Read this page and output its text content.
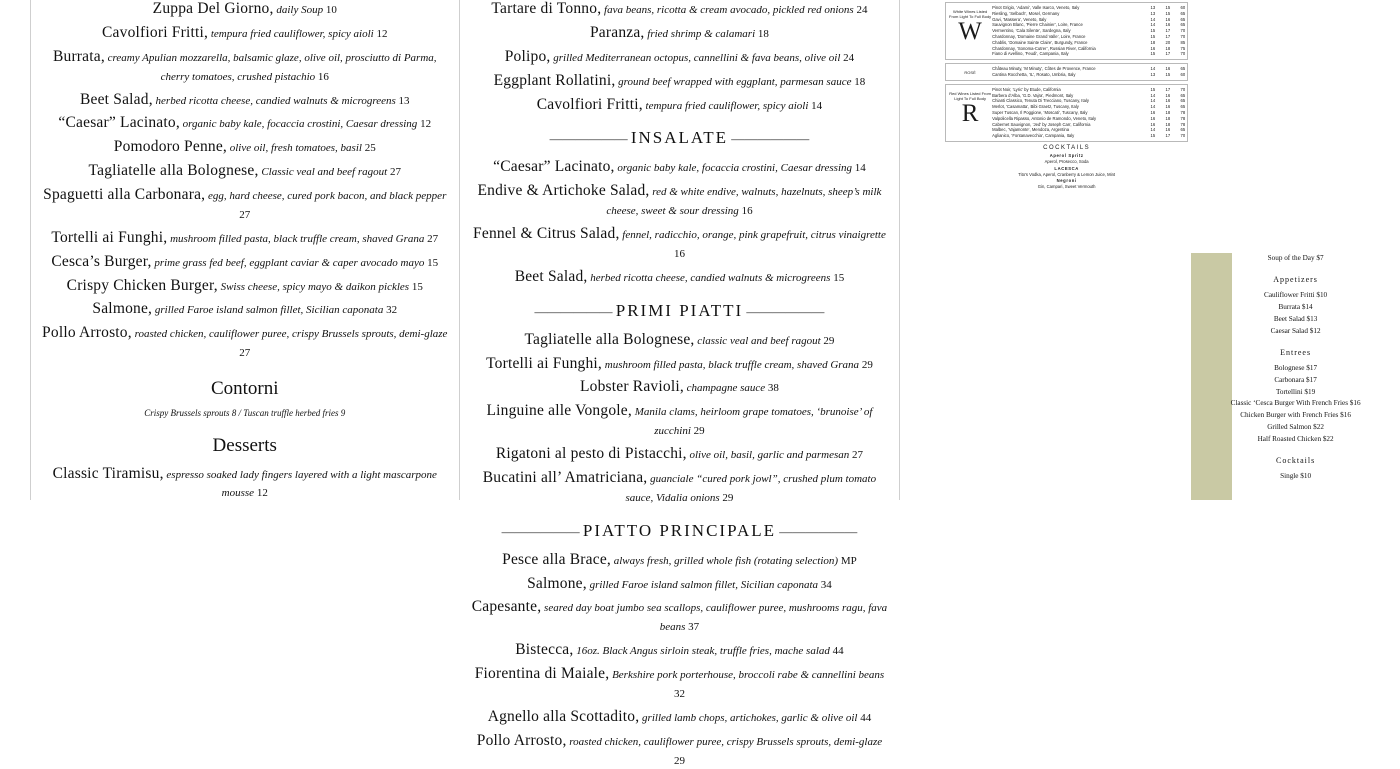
Zuppa Del Giorno, daily Soup 10
Cavolfiori Fritti, tempura fried cauliflower, spicy aioli 12
Burrata, creamy Apulian mozzarella, balsamic glaze, olive oil, prosciutto di Parma, cherry tomatoes, crushed pistachio 16
Beet Salad, herbed ricotta cheese, candied walnuts & microgreens 13
“Caesar” Lacinato, organic baby kale, focaccia crostini, Caesar dressing 12
Pomodoro Penne, olive oil, fresh tomatoes, basil 25
Tagliatelle alla Bolognese, Classic veal and beef ragout 27
Spaguetti alla Carbonara, egg, hard cheese, cured pork bacon, and black pepper 27
Tortelli ai Funghi, mushroom filled pasta, black truffle cream, shaved Grana 27
Cesca’s Burger, prime grass fed beef, eggplant caviar & caper avocado mayo 15
Crispy Chicken Burger, Swiss cheese, spicy mayo & daikon pickles 15
Salmone, grilled Faroe island salmon fillet, Sicilian caponata 32
Pollo Arrosto, roasted chicken, cauliflower puree, crispy Brussels sprouts, demi-glaze 27
Contorni
Crispy Brussels sprouts 8 / Tuscan truffle herbed fries 9
Desserts
Classic Tiramisu, espresso soaked lady fingers layered with a light mascarpone mousse 12
Tartare di Tonno, fava beans, ricotta & cream avocado, pickled red onions 24
Paranza, fried shrimp & calamari 18
Polipo, grilled Mediterranean octopus, cannellini & fava beans, olive oil 24
Eggplant Rollatini, ground beef wrapped with eggplant, parmesan sauce 18
Cavolfiori Fritti, tempura fried cauliflower, spicy aioli 14
—————— INSALATE ——————
“Caesar” Lacinato, organic baby kale, focaccia crostini, Caesar dressing 14
Endive & Artichoke Salad, red & white endive, walnuts, hazelnuts, sheep’s milk cheese, sweet & sour dressing 16
Fennel & Citrus Salad, fennel, radicchio, orange, pink grapefruit, citrus vinaigrette 16
Beet Salad, herbed ricotta cheese, candied walnuts & microgreens 15
—————— PRIMI PIATTI ——————
Tagliatelle alla Bolognese, classic veal and beef ragout 29
Tortelli ai Funghi, mushroom filled pasta, black truffle cream, shaved Grana 29
Lobster Ravioli, champagne sauce 38
Linguine alle Vongole, Manila clams, heirloom grape tomatoes, ‘brunoise’ of zucchini 29
Rigatoni al pesto di Pistacchi, olive oil, basil, garlic and parmesan 27
Bucatini all’ Amatriciana, guanciale “cured pork jowl”, crushed plum tomato sauce, Vidalia onions 29
—————— PIATTO PRINCIPALE ——————
Pesce alla Brace, always fresh, grilled whole fish (rotating selection) MP
Salmone, grilled Faroe island salmon fillet, Sicilian caponata 34
Capesante, seared day boat jumbo sea scallops, cauliflower puree, mushrooms ragu, fava beans 37
Bistecca, 16oz. Black Angus sirloin steak, truffle fries, mache salad 44
Fiorentina di Maiale, Berkshire pork porterhouse, broccoli rabe & cannellini beans 32
Agnello alla Scottadito, grilled lamb chops, artichokes, garlic & olive oil 44
Pollo Arrosto, roasted chicken, cauliflower puree, crispy Brussels sprouts, demi-glaze 29
White Wines Listed From Light To Full Body
W
Pinot Grigio, ‘Adami’, Valle Isarco, Veneto, Italy	13	15	60
Riesling, ‘Selbach’, Mosel, Germany	13	15	65
Gavi, ‘Massera’, Veneto, Italy	14	16	65
Sauvignon Blanc, ‘Pierre Chainier’, Loire, France	14	16	65
Vermentino, ‘Cala Silente’, Sardegna, Italy	15	17	70
Chardonnay, ‘Domaine Grand Valle’, Loire, France	15	17	70
Chablis, ‘Domaine Sainte Claire’, Burgundy, France	18	20	85
Chardonnay, ‘Sonoma-Cutrer’, Russian River, California	16	18	75
Fiano di Avellino, ‘Feudi’, Campania, Italy	15	17	70
ROSÉ
Château Minuty, ‘M Minuty’, Côtes de Provence, France	14	16	65
Cantina Rocchetta, ‘IL’, Rosato, Umbria, Italy	13	15	60
Red Wines Listed From Light To Full Body
R
Pinot Noir, ‘Lyric’ by Etude, California	15	17	70
Barbera d’Alba, ‘G.D. Vajra’, Piedmont, Italy	14	16	65
Chianti Classico, Tenuta Di Trecciano, Tuscany, Italy	14	16	65
Merlot, ‘Casamatta’, Bibi Graetz, Tuscany, Italy	14	16	65
Super Tuscan, Il Poggione, ‘Moscati’, Tuscany, Italy	16	18	78
Valpolicella Ripasso, Antonio de Ramondo, Veneto, Italy	16	18	78
Cabernet Sauvignon, ‘Jed’ by Joseph Carr, California	16	18	78
Malbec, ‘Vajamonte’, Mendoza, Argentina	14	16	65
Aglianico, ‘Fontanavecchia’, Campania, Italy	15	17	70
COCKTAILS
Aperol Spritz
Aperol, Prosecco, Soda
LACESCA
Tito’s Vodka, Aperol, Cranberry & Lemon Juice, Mint
Negroni
Gin, Campari, Sweet Vermouth
Soup of the Day $7
Appetizers
Cauliflower Fritti $10
Burrata $14
Beet Salad $13
Caesar Salad $12
Entrees
Bolognese $17
Carbonara $17
Tortellini $19
Classic ‘Cesca Burger With French Fries $16
Chicken Burger with French Fries $16
Grilled Salmon $22
Half Roasted Chicken $22
Cocktails
Single $10
